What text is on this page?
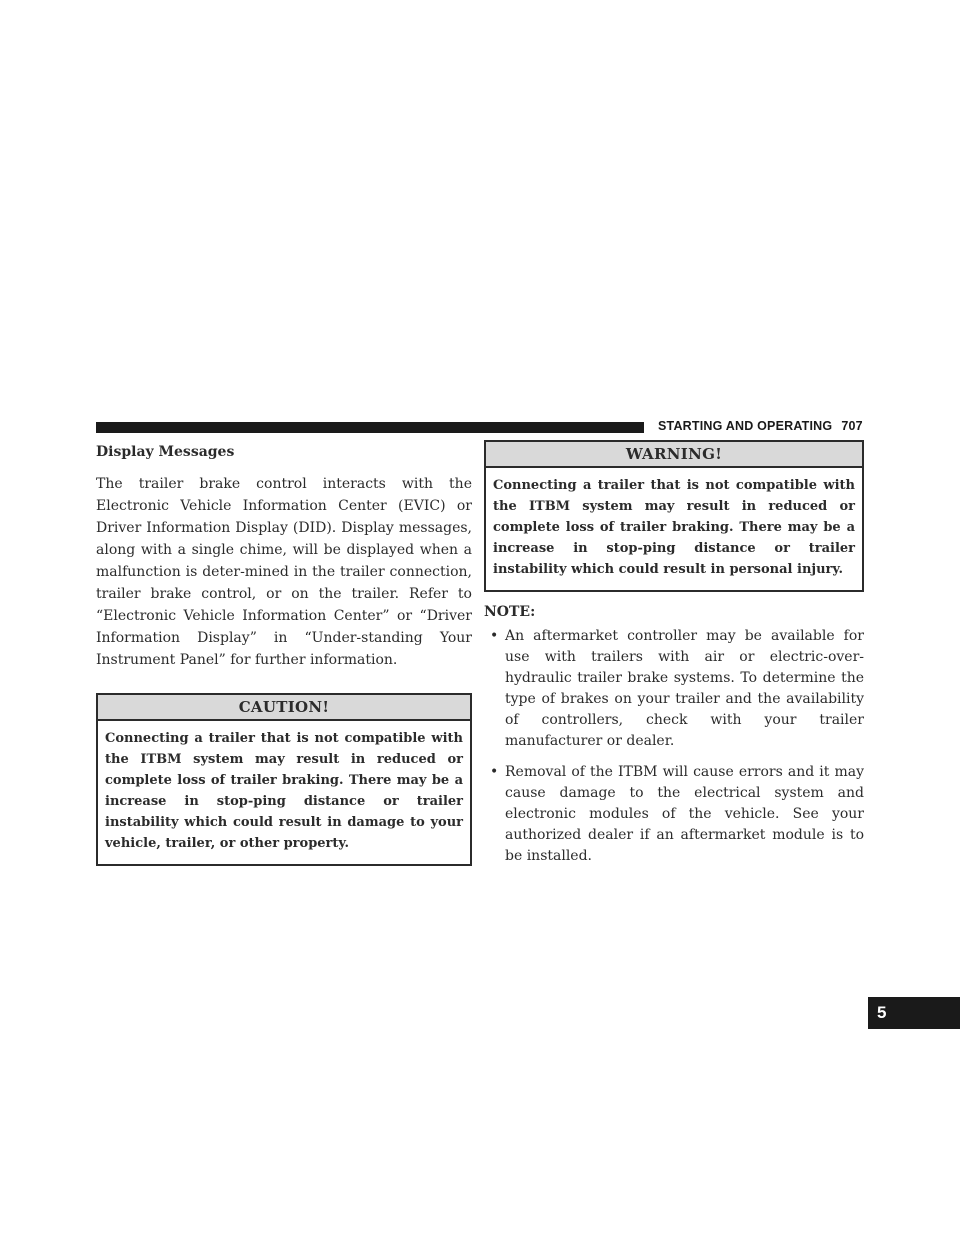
STARTING AND OPERATING 707
5
Display Messages

The trailer brake control interacts with the Electronic Vehicle Information Center (EVIC) or Driver Information Display (DID). Display messages, along with a single chime, will be displayed when a malfunction is deter-mined in the trailer connection, trailer brake control, or on the trailer. Refer to “Electronic Vehicle Information Center” or “Driver Information Display” in “Under-standing Your Instrument Panel” for further information.

CAUTION!
Connecting a trailer that is not compatible with the ITBM system may result in reduced or complete loss of trailer braking. There may be a increase in stop-ping distance or trailer instability which could result in damage to your vehicle, trailer, or other property.
WARNING!
Connecting a trailer that is not compatible with the ITBM system may result in reduced or complete loss of trailer braking. There may be a increase in stop-ping distance or trailer instability which could result in personal injury.
NOTE:
• An aftermarket controller may be available for use with trailers with air or electric-over-hydraulic trailer brake systems. To determine the type of brakes on your trailer and the availability of controllers, check with your trailer manufacturer or dealer.
• Removal of the ITBM will cause errors and it may cause damage to the electrical system and electronic modules of the vehicle. See your authorized dealer if an aftermarket module is to be installed.
